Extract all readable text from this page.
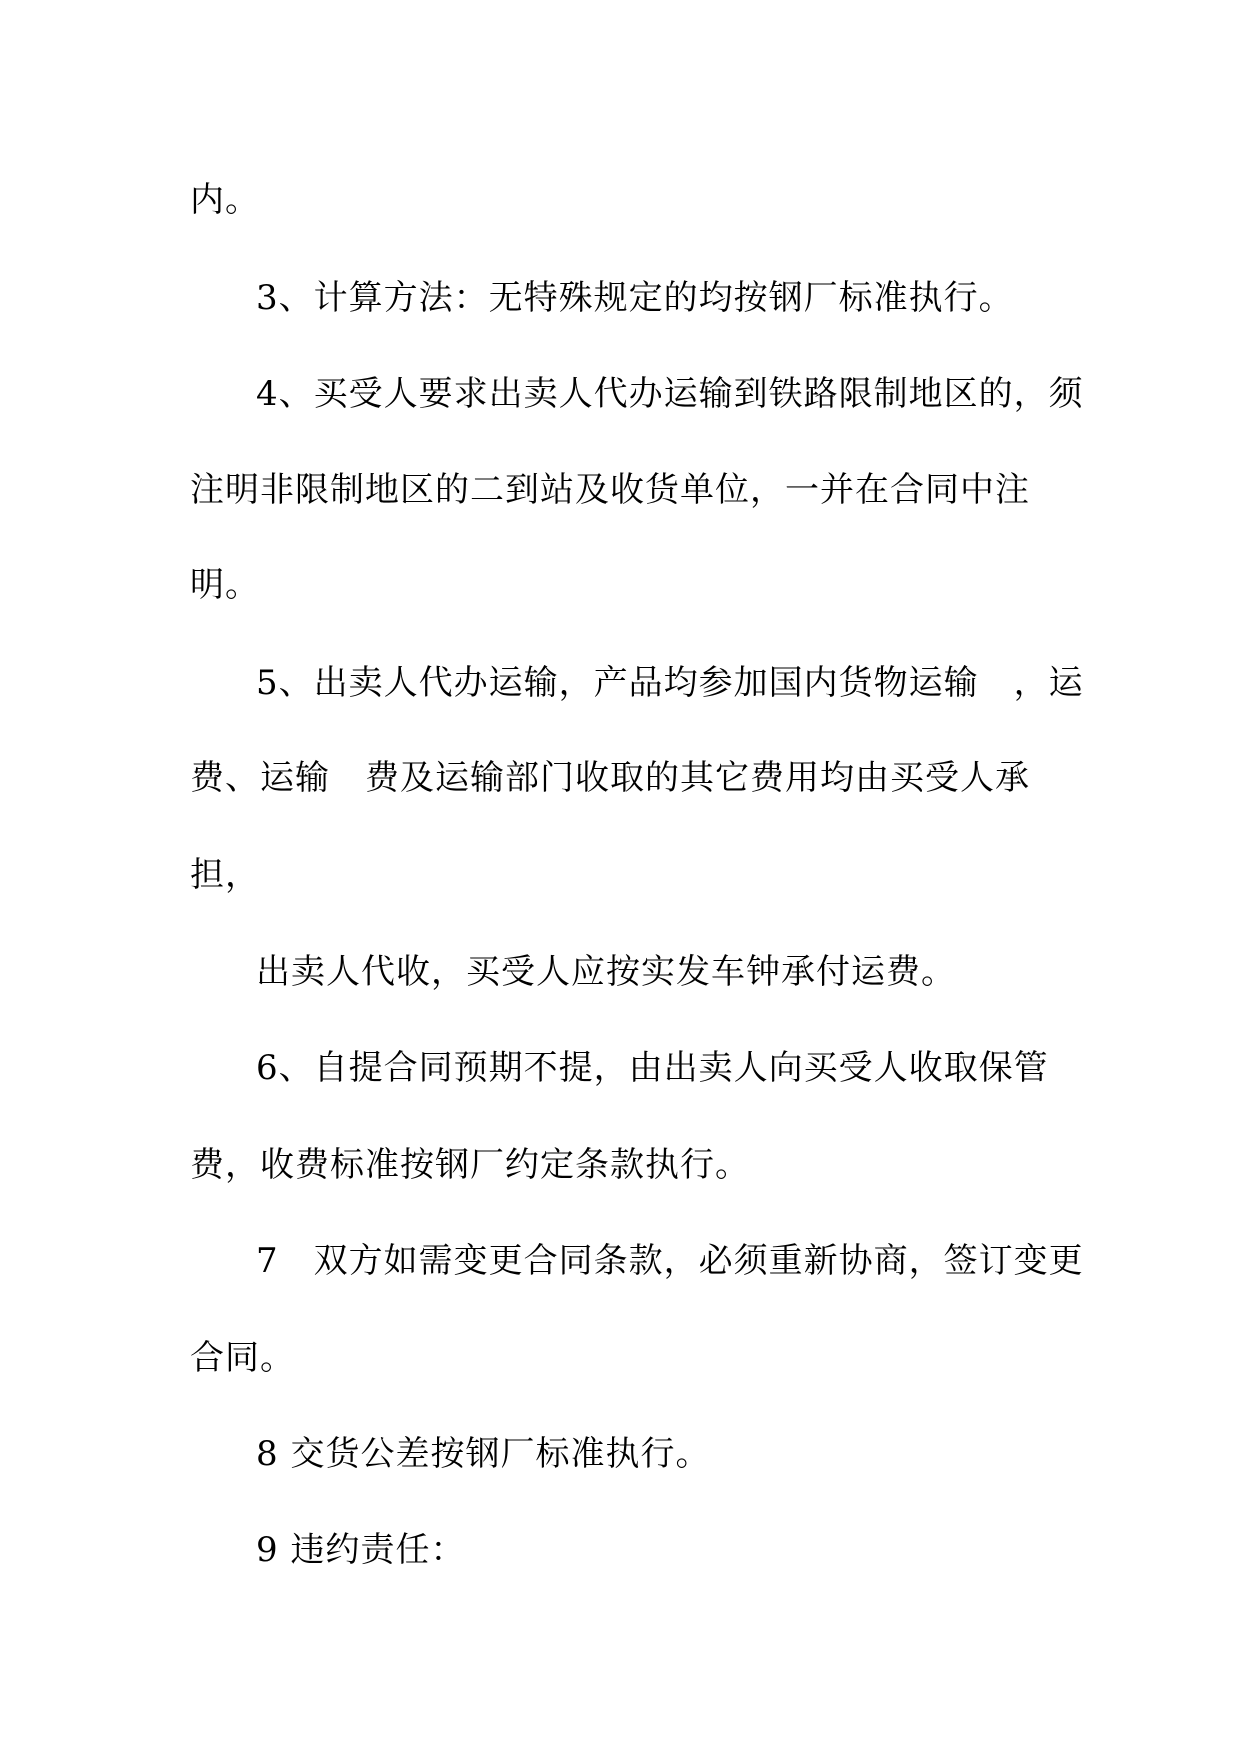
内。
3、计算方法：无特殊规定的均按钢厂标准执行。
4、买受人要求出卖人代办运输到铁路限制地区的，须
注明非限制地区的二到站及收货单位，一并在合同中注
明。
5、出卖人代办运输，产品均参加国内货物运输　，运
费、运输　费及运输部门收取的其它费用均由买受人承
担，
出卖人代收，买受人应按实发车钟承付运费。
6、自提合同预期不提，由出卖人向买受人收取保管
费，收费标准按钢厂约定条款执行。
7　双方如需变更合同条款，必须重新协商，签订变更
合同。
8 交货公差按钢厂标准执行。
9 违约责任：
